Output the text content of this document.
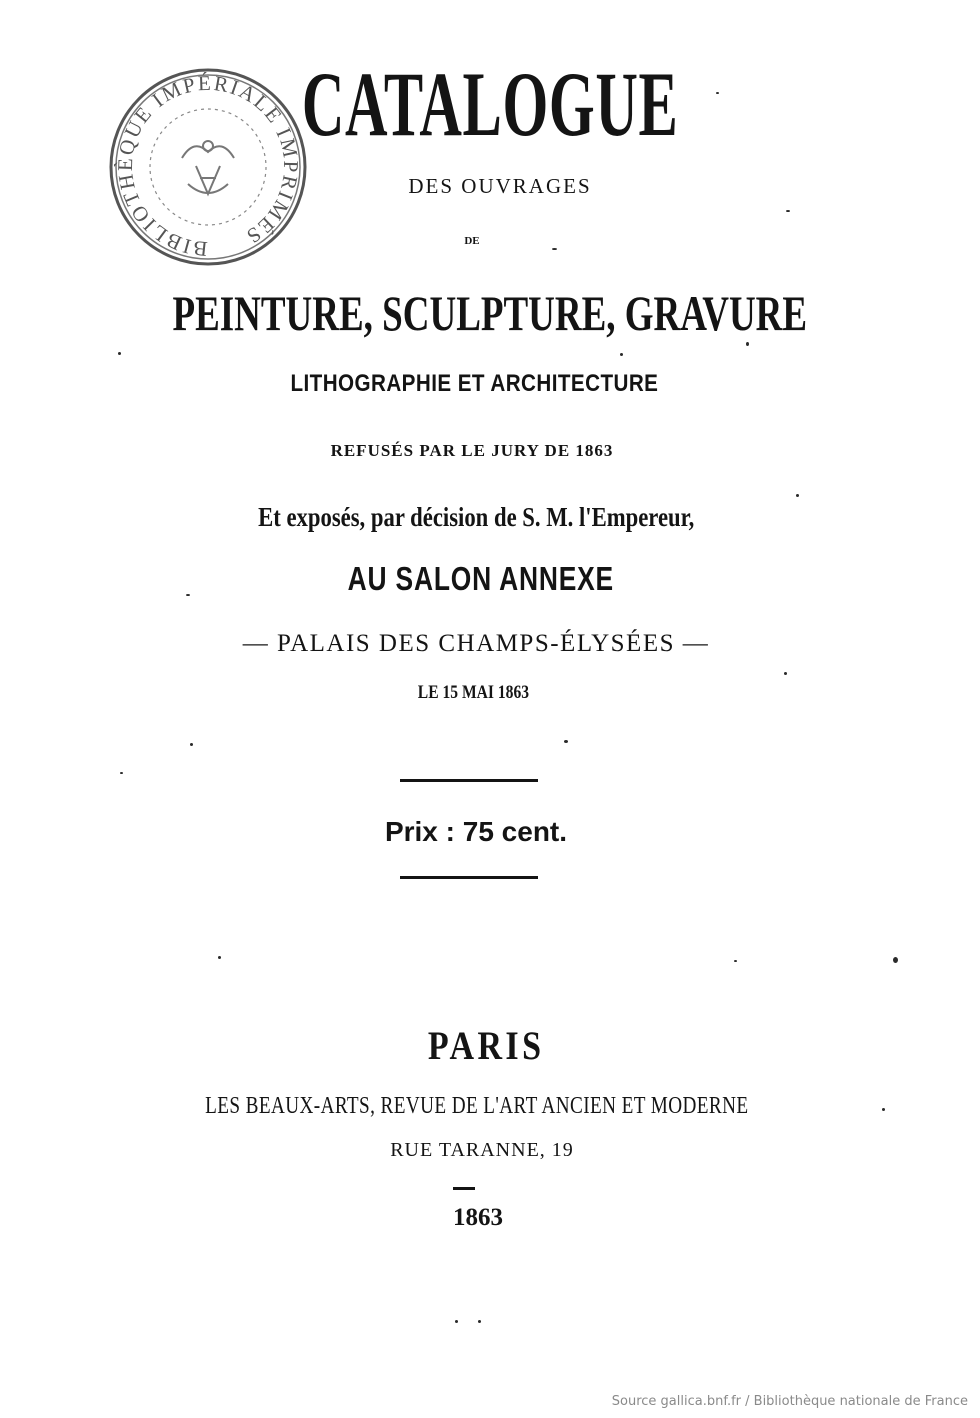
BIBLIOTHÈQUE IMPÉRIALE IMPRIMÉS
CATALOGUE
DES OUVRAGES
DE
PEINTURE, SCULPTURE, GRAVURE
LITHOGRAPHIE ET ARCHITECTURE
REFUSÉS PAR LE JURY DE 1863
Et exposés, par décision de S. M. l'Empereur,
AU SALON ANNEXE
— PALAIS DES CHAMPS-ÉLYSÉES —
LE 15 MAI 1863
Prix : 75 cent.
PARIS
LES BEAUX-ARTS, REVUE DE L'ART ANCIEN ET MODERNE
RUE TARANNE, 19
1863
Source gallica.bnf.fr / Bibliothèque nationale de France
